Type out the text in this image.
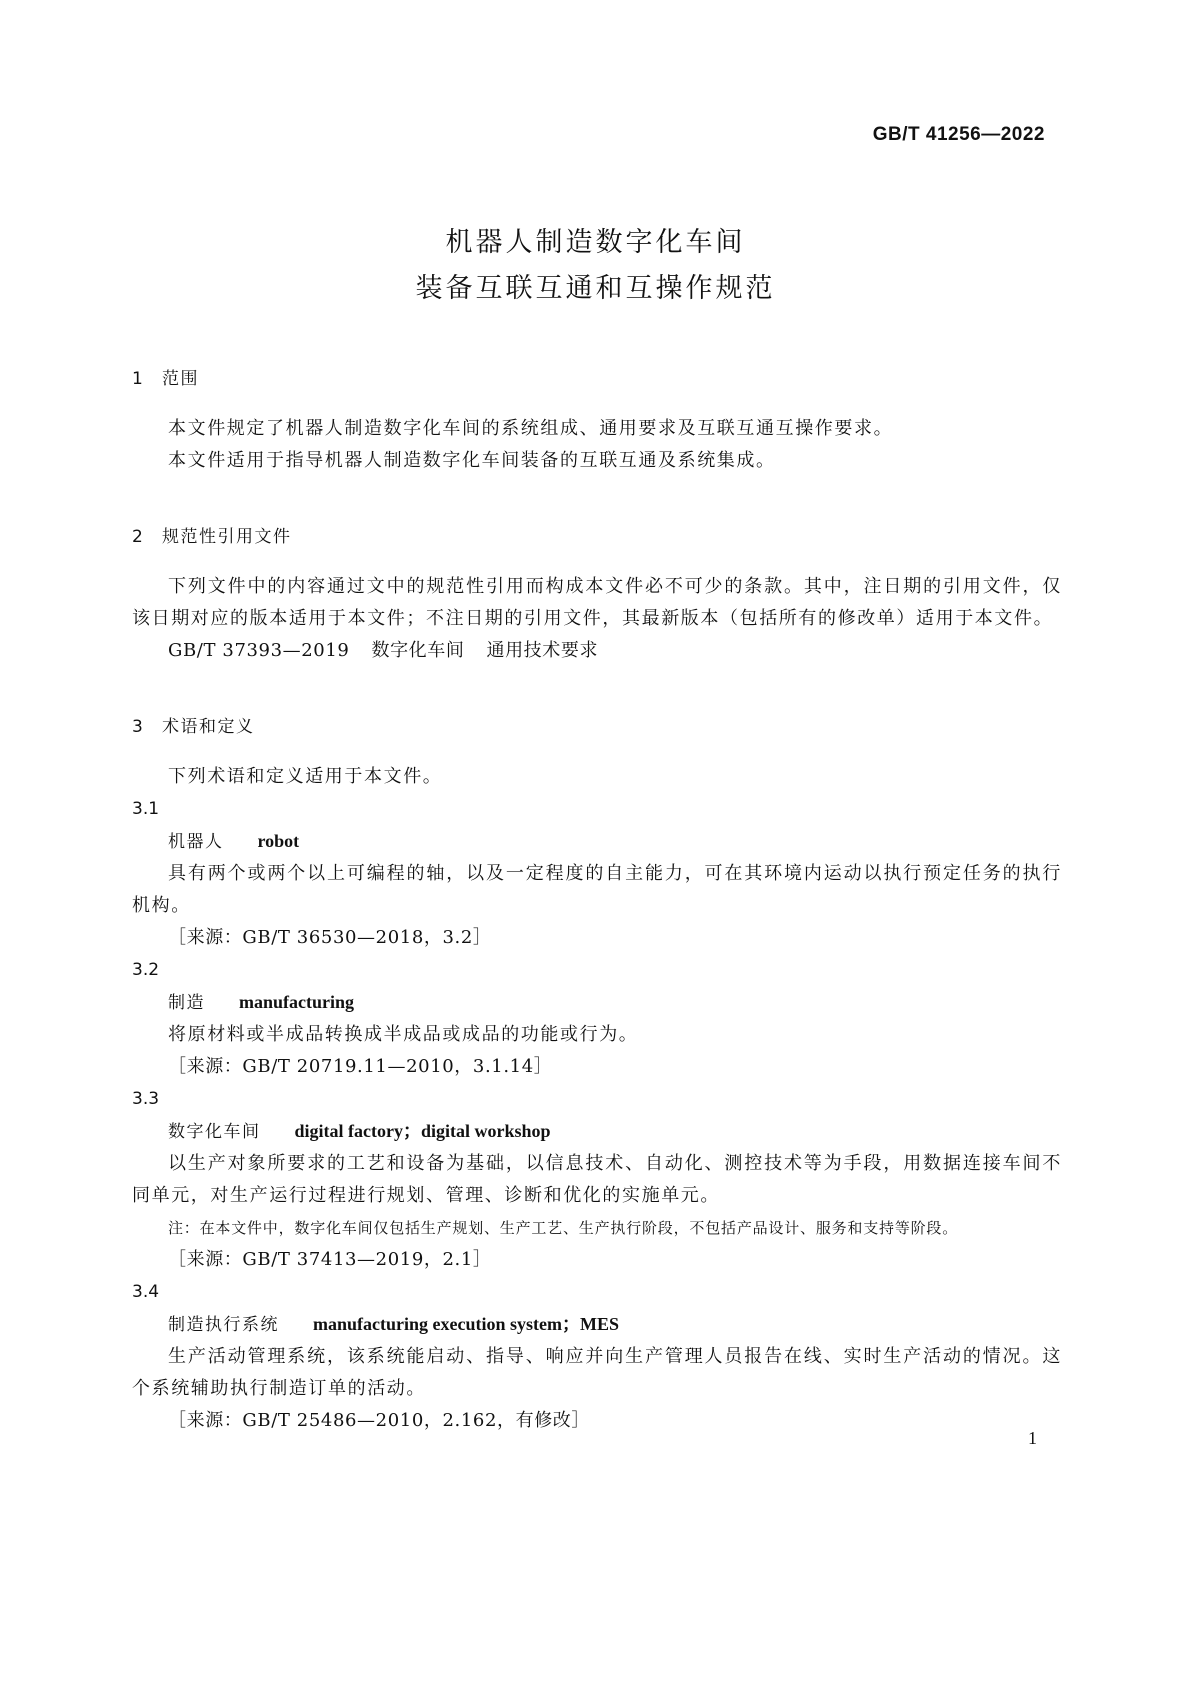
GB/T 41256—2022
机器人制造数字化车间
装备互联互通和互操作规范
1 范围
本文件规定了机器人制造数字化车间的系统组成、通用要求及互联互通互操作要求。
本文件适用于指导机器人制造数字化车间装备的互联互通及系统集成。
2 规范性引用文件
下列文件中的内容通过文中的规范性引用而构成本文件必不可少的条款。其中，注日期的引用文件，仅该日期对应的版本适用于本文件；不注日期的引用文件，其最新版本（包括所有的修改单）适用于本文件。
GB/T 37393—2019 数字化车间 通用技术要求
3 术语和定义
下列术语和定义适用于本文件。
3.1
机器人 robot
具有两个或两个以上可编程的轴，以及一定程度的自主能力，可在其环境内运动以执行预定任务的执行机构。
［来源：GB/T 36530—2018，3.2］
3.2
制造 manufacturing
将原材料或半成品转换成半成品或成品的功能或行为。
［来源：GB/T 20719.11—2010，3.1.14］
3.3
数字化车间 digital factory；digital workshop
以生产对象所要求的工艺和设备为基础，以信息技术、自动化、测控技术等为手段，用数据连接车间不同单元，对生产运行过程进行规划、管理、诊断和优化的实施单元。
注：在本文件中，数字化车间仅包括生产规划、生产工艺、生产执行阶段，不包括产品设计、服务和支持等阶段。
［来源：GB/T 37413—2019，2.1］
3.4
制造执行系统 manufacturing execution system；MES
生产活动管理系统，该系统能启动、指导、响应并向生产管理人员报告在线、实时生产活动的情况。这个系统辅助执行制造订单的活动。
［来源：GB/T 25486—2010，2.162，有修改］
1
